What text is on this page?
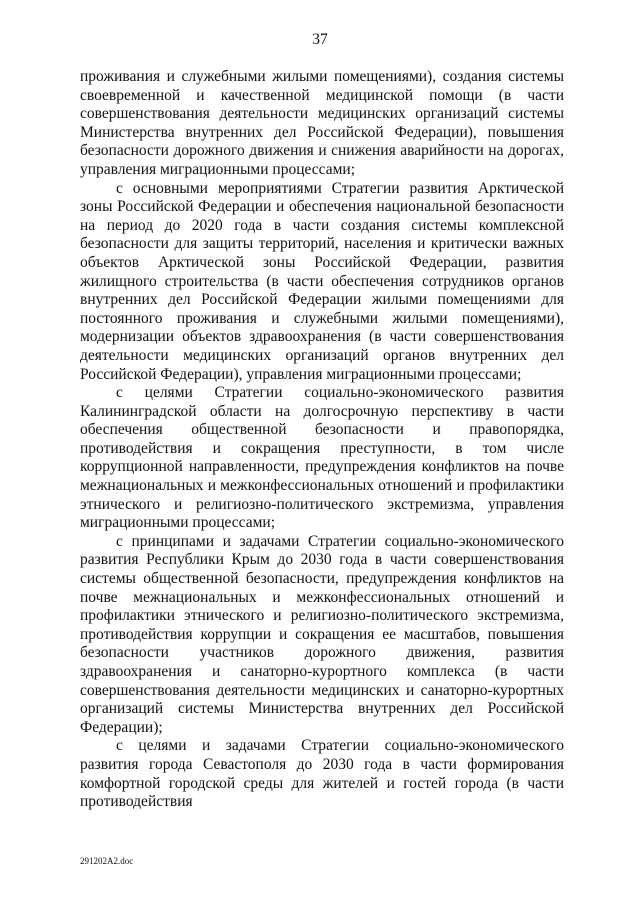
37

проживания и служебными жилыми помещениями), создания системы своевременной и качественной медицинской помощи (в части совершенствования деятельности медицинских организаций системы Министерства внутренних дел Российской Федерации), повышения безопасности дорожного движения и снижения аварийности на дорогах, управления миграционными процессами;

с основными мероприятиями Стратегии развития Арктической зоны Российской Федерации и обеспечения национальной безопасности на период до 2020 года в части создания системы комплексной безопасности для защиты территорий, населения и критически важных объектов Арктической зоны Российской Федерации, развития жилищного строительства (в части обеспечения сотрудников органов внутренних дел Российской Федерации жилыми помещениями для постоянного проживания и служебными жилыми помещениями), модернизации объектов здравоохранения (в части совершенствования деятельности медицинских организаций органов внутренних дел Российской Федерации), управления миграционными процессами;

с целями Стратегии социально-экономического развития Калининградской области на долгосрочную перспективу в части обеспечения общественной безопасности и правопорядка, противодействия и сокращения преступности, в том числе коррупционной направленности, предупреждения конфликтов на почве межнациональных и межконфессиональных отношений и профилактики этнического и религиозно-политического экстремизма, управления миграционными процессами;

с принципами и задачами Стратегии социально-экономического развития Республики Крым до 2030 года в части совершенствования системы общественной безопасности, предупреждения конфликтов на почве межнациональных и межконфессиональных отношений и профилактики этнического и религиозно-политического экстремизма, противодействия коррупции и сокращения ее масштабов, повышения безопасности участников дорожного движения, развития здравоохранения и санаторно-курортного комплекса (в части совершенствования деятельности медицинских и санаторно-курортных организаций системы Министерства внутренних дел Российской Федерации);

с целями и задачами Стратегии социально-экономического развития города Севастополя до 2030 года в части формирования комфортной городской среды для жителей и гостей города (в части противодействия

291202A2.doc
